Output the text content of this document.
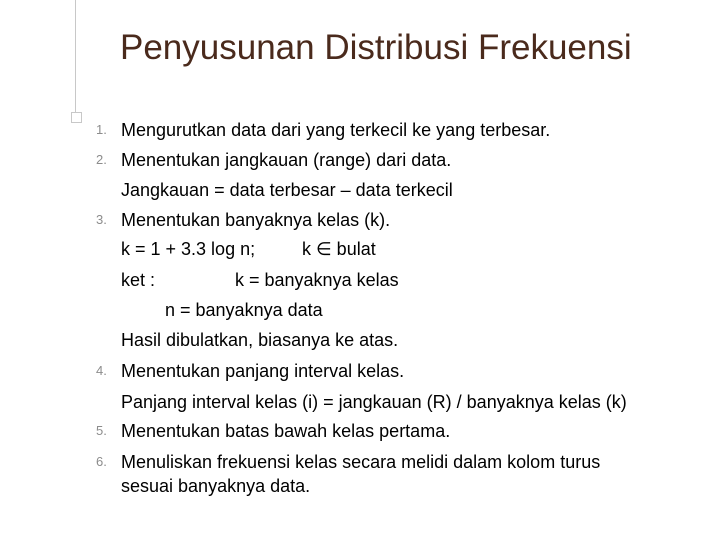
Penyusunan Distribusi Frekuensi
1. Mengurutkan data dari yang terkecil ke yang terbesar.
2. Menentukan jangkauan (range) dari data.
Jangkauan = data terbesar – data terkecil
3. Menentukan banyaknya kelas (k).
k = 1 + 3.3 log n;	k ∈ bulat
ket :	k = banyaknya kelas
n = banyaknya data
Hasil dibulatkan, biasanya ke atas.
4. Menentukan panjang interval kelas.
Panjang interval kelas (i) = jangkauan (R) / banyaknya kelas (k)
5. Menentukan batas bawah kelas pertama.
6. Menuliskan frekuensi kelas secara melidi dalam kolom turus
sesuai banyaknya data.
